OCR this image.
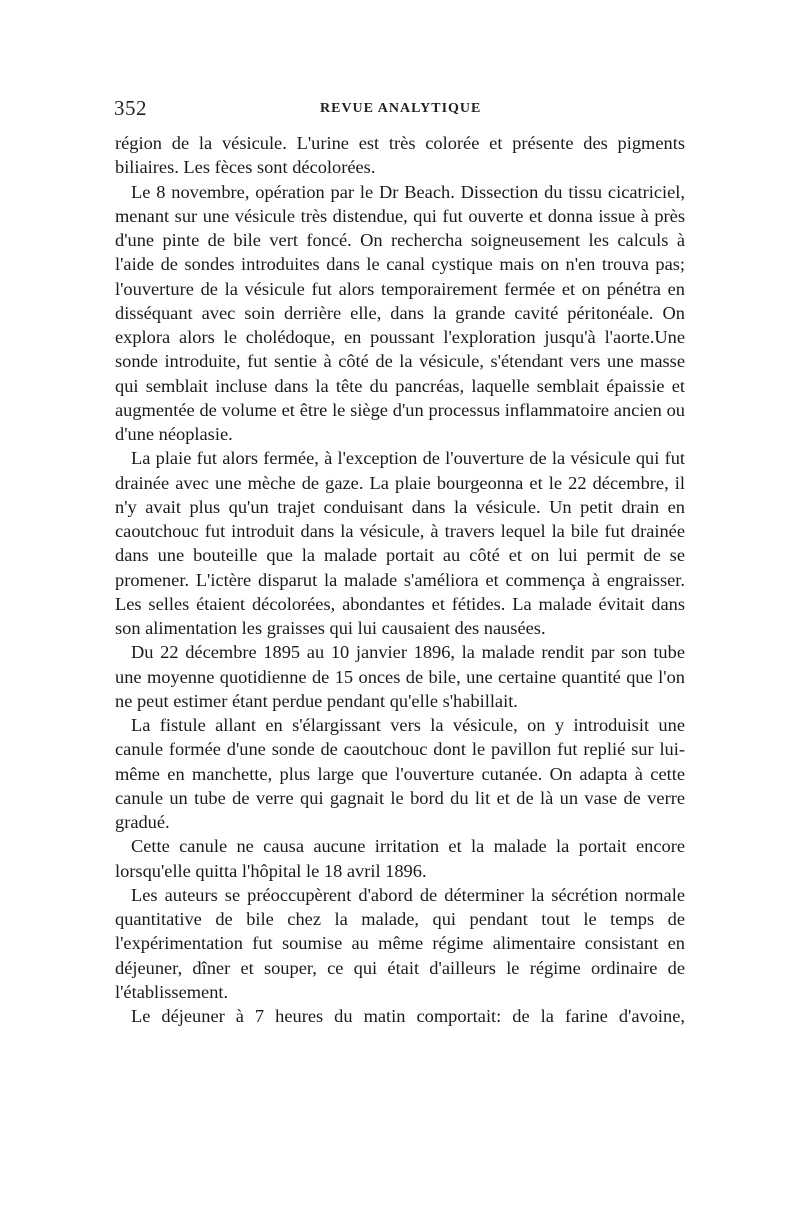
352	REVUE ANALYTIQUE

région de la vésicule. L'urine est très colorée et présente des pigments biliaires. Les fèces sont décolorées.

Le 8 novembre, opération par le Dr Beach. Dissection du tissu cicatriciel, menant sur une vésicule très distendue, qui fut ouverte et donna issue à près d'une pinte de bile vert foncé. On rechercha soigneusement les calculs à l'aide de sondes introduites dans le canal cystique mais on n'en trouva pas; l'ouverture de la vésicule fut alors temporairement fermée et on pénétra en disséquant avec soin derrière elle, dans la grande cavité péritonéale. On explora alors le cholédoque, en poussant l'exploration jusqu'à l'aorte.Une sonde introduite, fut sentie à côté de la vésicule, s'étendant vers une masse qui semblait incluse dans la tête du pancréas, laquelle semblait épaissie et augmentée de volume et être le siège d'un processus inflammatoire ancien ou d'une néoplasie.

La plaie fut alors fermée, à l'exception de l'ouverture de la vésicule qui fut drainée avec une mèche de gaze. La plaie bourgeonna et le 22 décembre, il n'y avait plus qu'un trajet conduisant dans la vésicule. Un petit drain en caoutchouc fut introduit dans la vésicule, à travers lequel la bile fut drainée dans une bouteille que la malade portait au côté et on lui permit de se promener. L'ictère disparut la malade s'améliora et commença à engraisser. Les selles étaient décolorées, abondantes et fétides. La malade évitait dans son alimentation les graisses qui lui causaient des nausées.

Du 22 décembre 1895 au 10 janvier 1896, la malade rendit par son tube une moyenne quotidienne de 15 onces de bile, une certaine quantité que l'on ne peut estimer étant perdue pendant qu'elle s'habillait.

La fistule allant en s'élargissant vers la vésicule, on y introduisit une canule formée d'une sonde de caoutchouc dont le pavillon fut replié sur lui-même en manchette, plus large que l'ouverture cutanée. On adapta à cette canule un tube de verre qui gagnait le bord du lit et de là un vase de verre gradué.

Cette canule ne causa aucune irritation et la malade la portait encore lorsqu'elle quitta l'hôpital le 18 avril 1896.

Les auteurs se préoccupèrent d'abord de déterminer la sécrétion normale quantitative de bile chez la malade, qui pendant tout le temps de l'expérimentation fut soumise au même régime alimentaire consistant en déjeuner, dîner et souper, ce qui était d'ailleurs le régime ordinaire de l'établissement.

Le déjeuner à 7 heures du matin comportait: de la farine d'avoine,
